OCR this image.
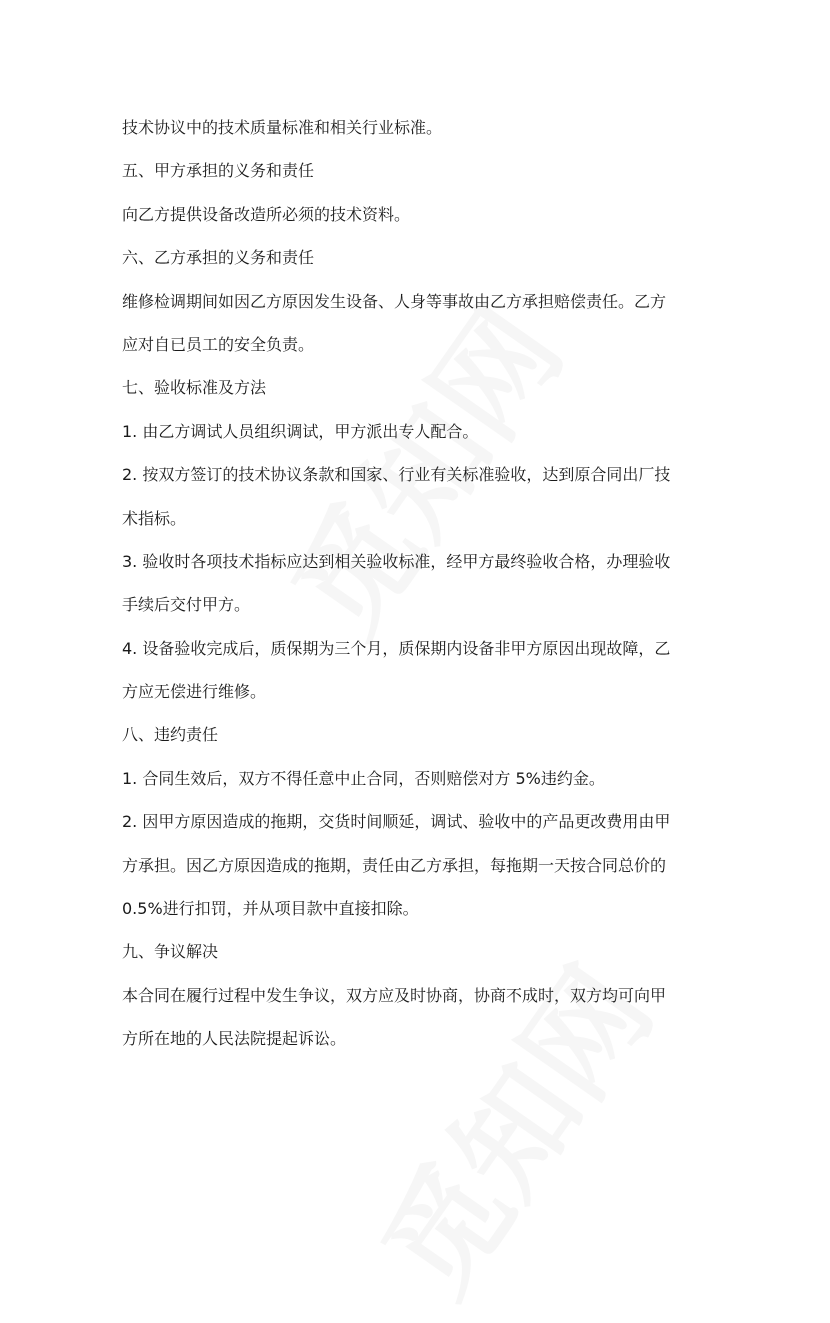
技术协议中的技术质量标准和相关行业标准。
五、甲方承担的义务和责任
向乙方提供设备改造所必须的技术资料。
六、乙方承担的义务和责任
维修检调期间如因乙方原因发生设备、人身等事故由乙方承担赔偿责任。乙方
应对自已员工的安全负责。
七、验收标准及方法
1. 由乙方调试人员组织调试，甲方派出专人配合。
2. 按双方签订的技术协议条款和国家、行业有关标准验收，达到原合同出厂技
术指标。
3. 验收时各项技术指标应达到相关验收标准，经甲方最终验收合格，办理验收
手续后交付甲方。
4. 设备验收完成后，质保期为三个月，质保期内设备非甲方原因出现故障，乙
方应无偿进行维修。
八、违约责任
1. 合同生效后，双方不得任意中止合同，否则赔偿对方 5%违约金。
2. 因甲方原因造成的拖期，交货时间顺延，调试、验收中的产品更改费用由甲
方承担。因乙方原因造成的拖期，责任由乙方承担，每拖期一天按合同总价的
0.5%进行扣罚，并从项目款中直接扣除。
九、争议解决
本合同在履行过程中发生争议，双方应及时协商，协商不成时，双方均可向甲
方所在地的人民法院提起诉讼。
